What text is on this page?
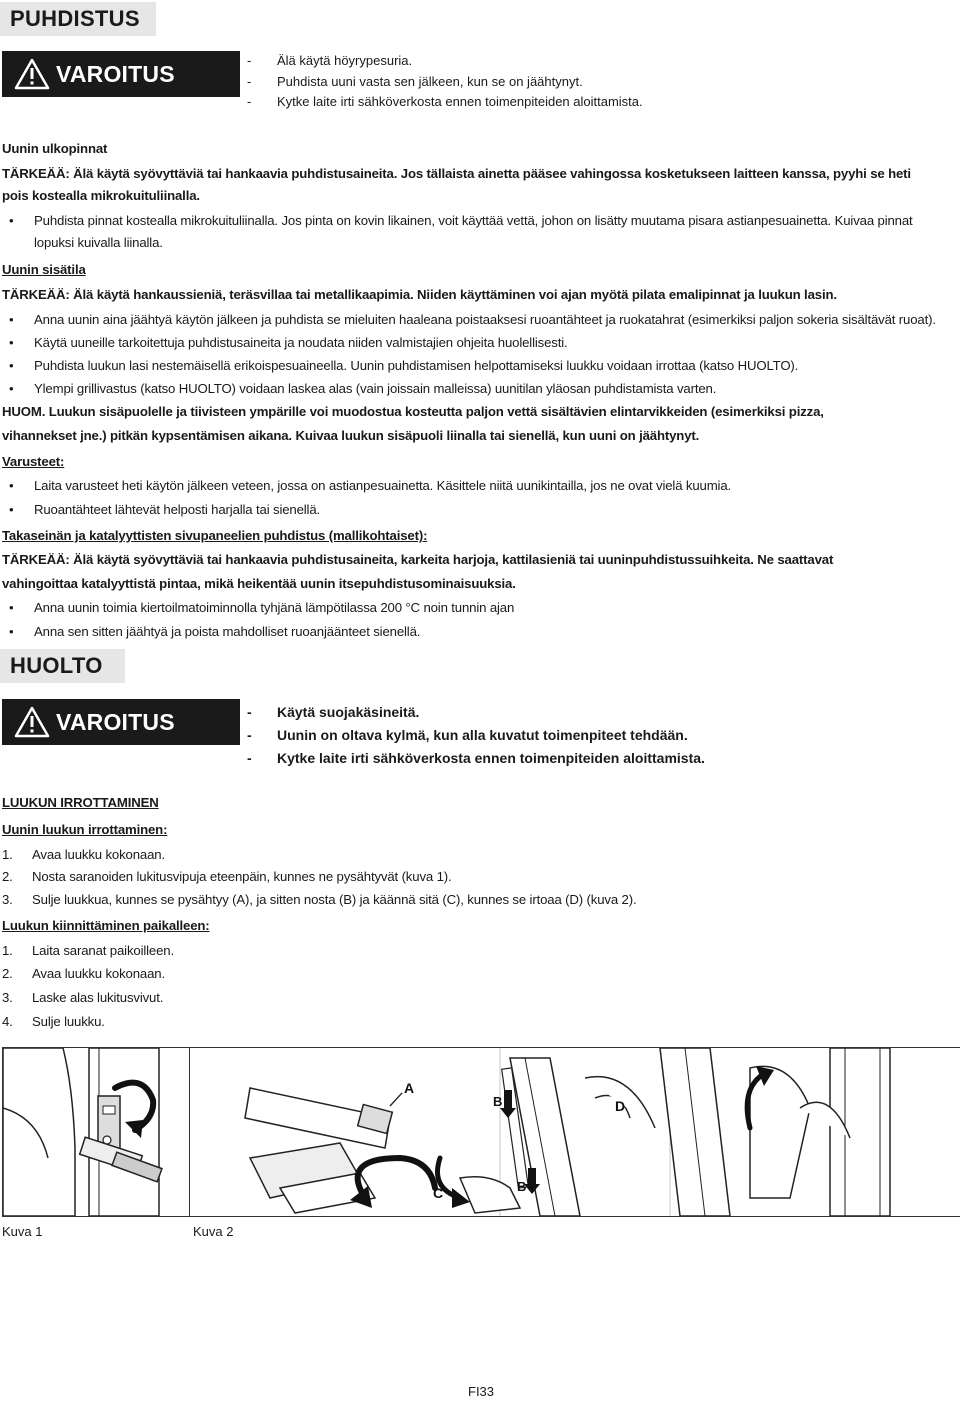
PUHDISTUS
VAROITUS	-	Älä käytä höyrypesuria.
-	Puhdista uuni vasta sen jälkeen, kun se on jäähtynyt.
-	Kytke laite irti sähköverkosta ennen toimenpiteiden aloittamista.
Uunin ulkopinnat
TÄRKEÄÄ: Älä käytä syövyttäviä tai hankaavia puhdistusaineita. Jos tällaista ainetta pääsee vahingossa kosketukseen laitteen kanssa, pyyhi se heti
pois kostealla mikrokuituliinalla.
• Puhdista pinnat kostealla mikrokuituliinalla. Jos pinta on kovin likainen, voit käyttää vettä, johon on lisätty muutama pisara astianpesuainetta. Kuivaa pinnat
lopuksi kuivalla liinalla.
Uunin sisätila
TÄRKEÄÄ: Älä käytä hankaussieniä, teräsvillaa tai metallikaapimia. Niiden käyttäminen voi ajan myötä pilata emalipinnat ja luukun lasin.
• Anna uunin aina jäähtyä käytön jälkeen ja puhdista se mieluiten haaleana poistaaksesi ruoantähteet ja ruokatahrat (esimerkiksi paljon sokeria sisältävät ruoat).
• Käytä uuneille tarkoitettuja puhdistusaineita ja noudata niiden valmistajien ohjeita huolellisesti.
• Puhdista luukun lasi nestemäisellä erikoispesuaineella. Uunin puhdistamisen helpottamiseksi luukku voidaan irrottaa (katso HUOLTO).
• Ylempi grillivastus (katso HUOLTO) voidaan laskea alas (vain joissain malleissa) uunitilan yläosan puhdistamista varten.
HUOM. Luukun sisäpuolelle ja tiivisteen ympärille voi muodostua kosteutta paljon vettä sisältävien elintarvikkeiden (esimerkiksi pizza,
vihannekset jne.) pitkän kypsentämisen aikana. Kuivaa luukun sisäpuoli liinalla tai sienellä, kun uuni on jäähtynyt.
Varusteet:
• Laita varusteet heti käytön jälkeen veteen, jossa on astianpesuainetta. Käsittele niitä uunikintailla, jos ne ovat vielä kuumia.
• Ruoantähteet lähtevät helposti harjalla tai sienellä.
Takaseinän ja katalyyttisten sivupaneelien puhdistus (mallikohtaiset):
TÄRKEÄÄ: Älä käytä syövyttäviä tai hankaavia puhdistusaineita, karkeita harjoja, kattilasieniä tai uuninpuhdistussuihkeita. Ne saattavat
vahingoittaa katalyyttistä pintaa, mikä heikentää uunin itsepuhdistusominaisuuksia.
• Anna uunin toimia kiertoilmatoiminnolla tyhjänä lämpötilassa 200 °C noin tunnin ajan
• Anna sen sitten jäähtyä ja poista mahdolliset ruoanjäänteet sienellä.
HUOLTO
VAROITUS	-	Käytä suojakäsineitä.
-	Uunin on oltava kylmä, kun alla kuvatut toimenpiteet tehdään.
-	Kytke laite irti sähköverkosta ennen toimenpiteiden aloittamista.
LUUKUN IRROTTAMINEN
Uunin luukun irrottaminen:
1. Avaa luukku kokonaan.
2. Nosta saranoiden lukitusvipuja eteenpäin, kunnes ne pysähtyvät (kuva 1).
3. Sulje luukkua, kunnes se pysähtyy (A), ja sitten nosta (B) ja käännä sitä (C), kunnes se irtoaa (D) (kuva 2).
Luukun kiinnittäminen paikalleen:
1. Laita saranat paikoilleen.
2. Avaa luukku kokonaan.
3. Laske alas lukitusvivut.
4. Sulje luukku.
A
B
B
C
D
Kuva 1	Kuva 2
FI33
